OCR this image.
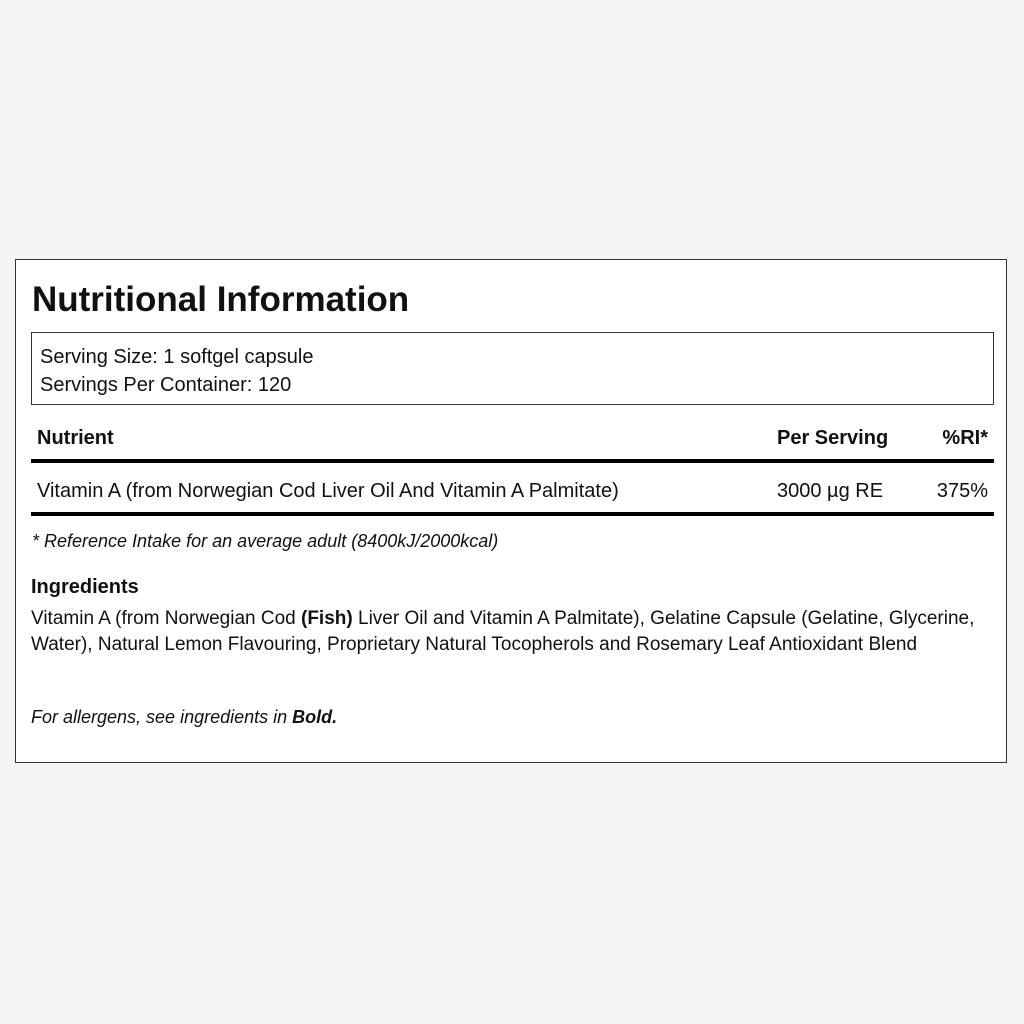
Nutritional Information
Serving Size: 1 softgel capsule
Servings Per Container: 120
Nutrient	Per Serving	%RI*
Vitamin A (from Norwegian Cod Liver Oil And Vitamin A Palmitate)	3000 µg RE	375%
* Reference Intake for an average adult (8400kJ/2000kcal)
Ingredients

Vitamin A (from Norwegian Cod (Fish) Liver Oil and Vitamin A Palmitate), Gelatine Capsule (Gelatine, Glycerine, Water), Natural Lemon Flavouring, Proprietary Natural Tocopherols and Rosemary Leaf Antioxidant Blend

For allergens, see ingredients in Bold.
